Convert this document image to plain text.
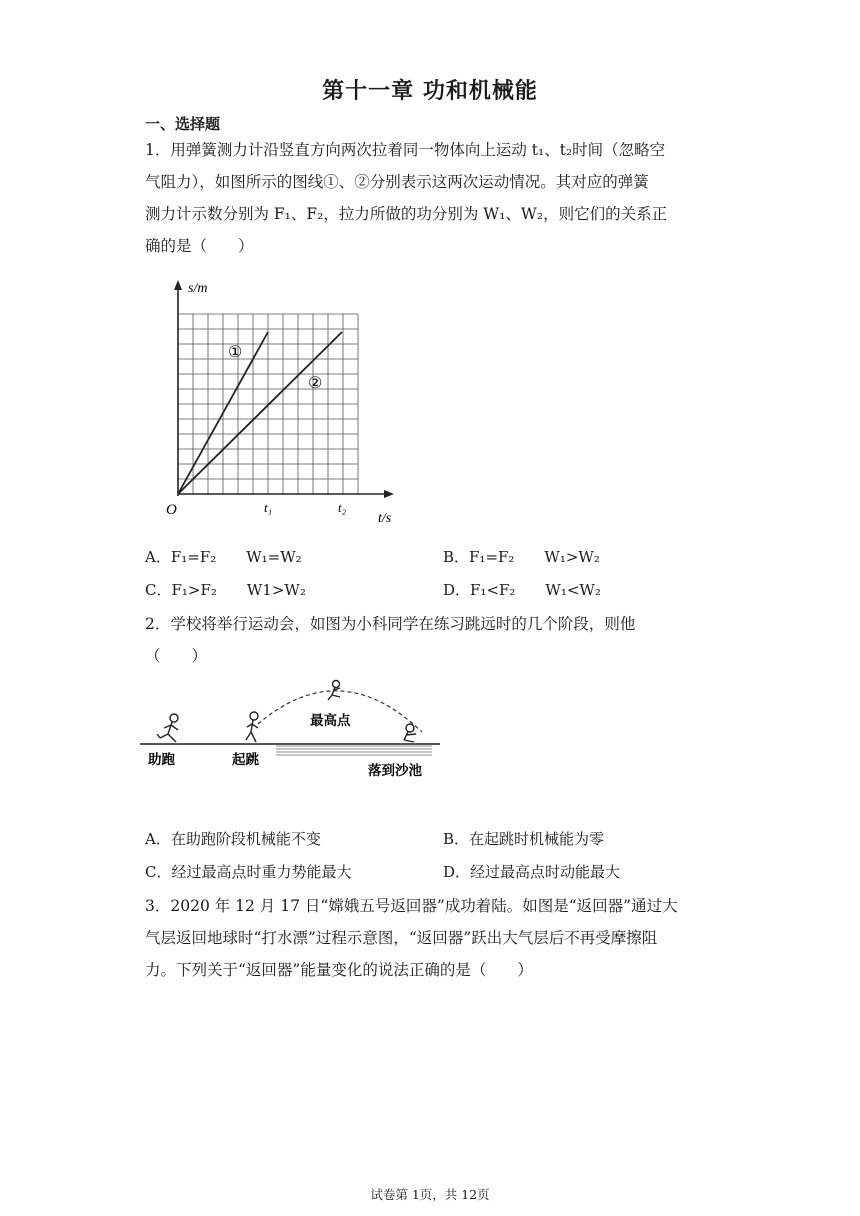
第十一章 功和机械能
一、选择题
1．用弹簧测力计沿竖直方向两次拉着同一物体向上运动 t₁、t₂时间（忽略空
气阻力），如图所示的图线①、②分别表示这两次运动情况。其对应的弹簧
测力计示数分别为 F₁、F₂，拉力所做的功分别为 W₁、W₂，则它们的关系正
确的是（　　）
s/m
O	t₁	t₂
t/s
①
②
A．F₁=F₂　　W₁=W₂	B．F₁=F₂　　W₁>W₂
C．F₁>F₂　　W1>W₂	D．F₁<F₂　　W₁<W₂
2．学校将举行运动会，如图为小科同学在练习跳远时的几个阶段，则他
（　　）
助跑	起跳
最高点
落到沙池
A．在助跑阶段机械能不变	B．在起跳时机械能为零
C．经过最高点时重力势能最大	D．经过最高点时动能最大
3．2020 年 12 月 17 日“嫦娥五号返回器”成功着陆。如图是“返回器”通过大
气层返回地球时“打水漂”过程示意图，“返回器”跃出大气层后不再受摩擦阻
力。下列关于“返回器”能量变化的说法正确的是（　　）
试卷第 1页，共 12页
